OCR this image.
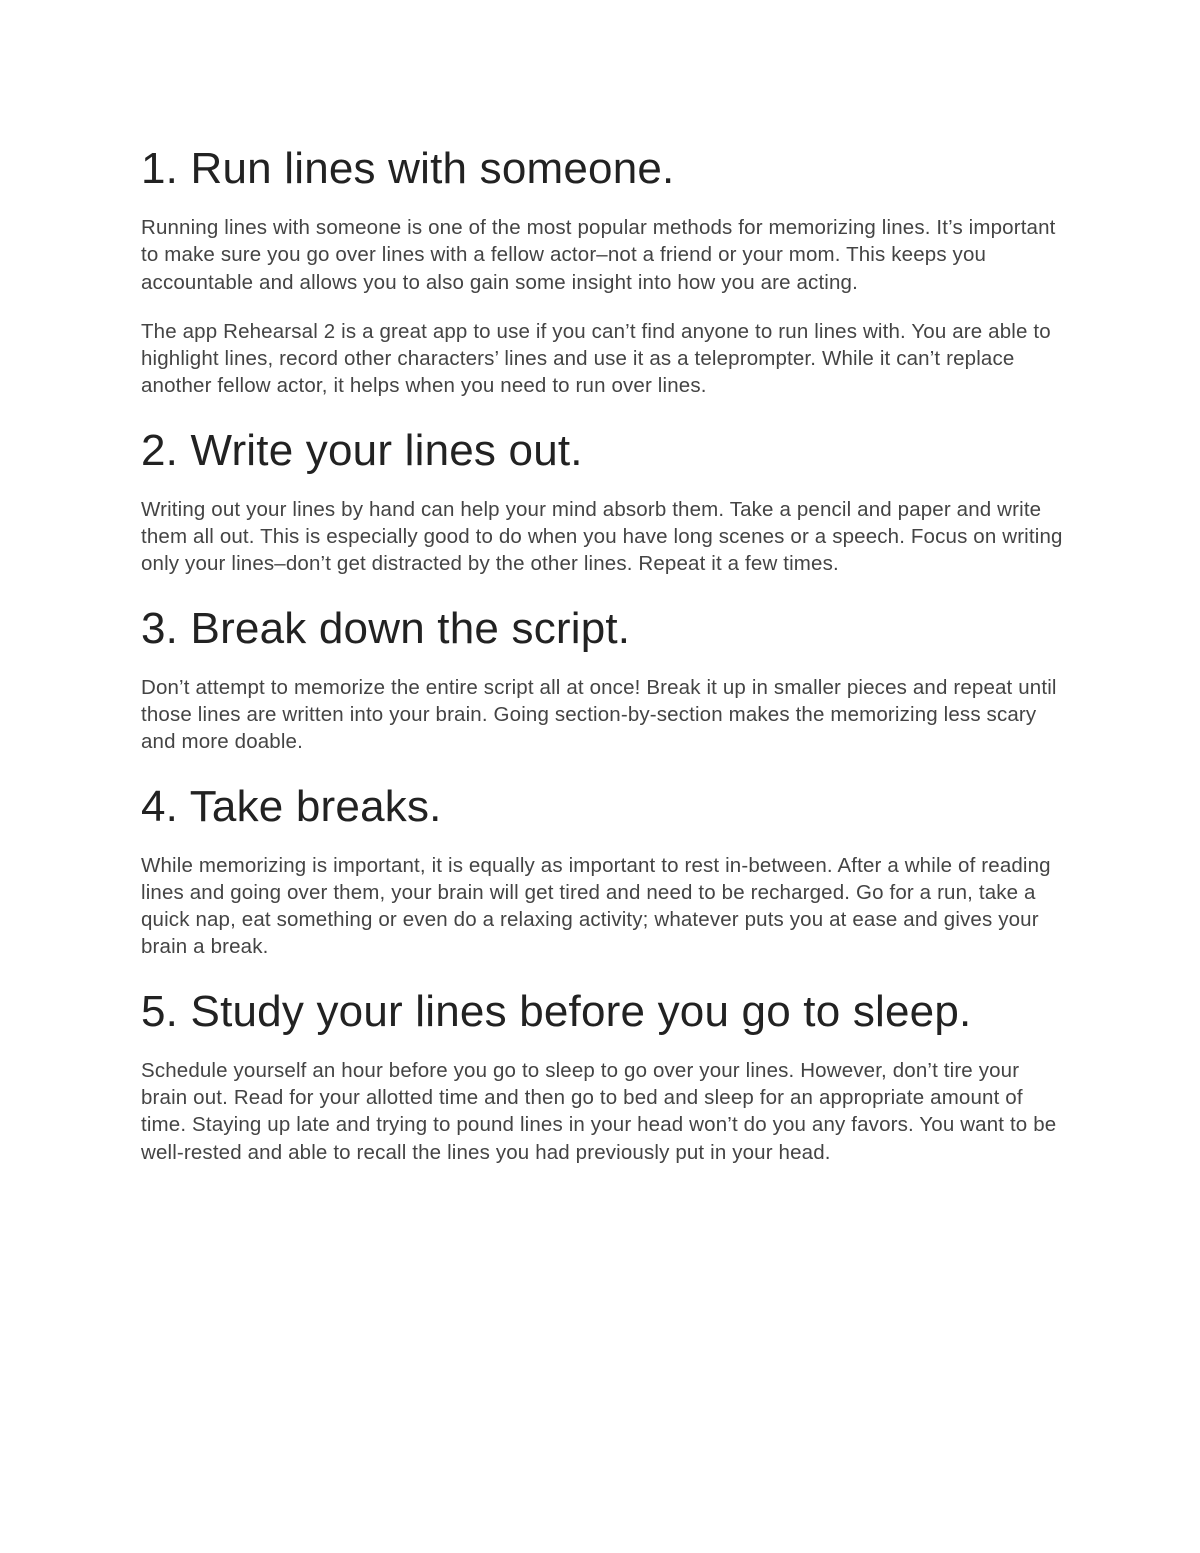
1. Run lines with someone.

Running lines with someone is one of the most popular methods for memorizing lines. It’s important to make sure you go over lines with a fellow actor–not a friend or your mom. This keeps you accountable and allows you to also gain some insight into how you are acting.

The app Rehearsal 2 is a great app to use if you can’t find anyone to run lines with. You are able to highlight lines, record other characters’ lines and use it as a teleprompter. While it can’t replace another fellow actor, it helps when you need to run over lines.

2. Write your lines out.

Writing out your lines by hand can help your mind absorb them. Take a pencil and paper and write them all out. This is especially good to do when you have long scenes or a speech. Focus on writing only your lines–don’t get distracted by the other lines. Repeat it a few times.

3. Break down the script.

Don’t attempt to memorize the entire script all at once! Break it up in smaller pieces and repeat until those lines are written into your brain. Going section-by-section makes the memorizing less scary and more doable.

4. Take breaks.

While memorizing is important, it is equally as important to rest in-between. After a while of reading lines and going over them, your brain will get tired and need to be recharged. Go for a run, take a quick nap, eat something or even do a relaxing activity; whatever puts you at ease and gives your brain a break.

5. Study your lines before you go to sleep.

Schedule yourself an hour before you go to sleep to go over your lines. However, don’t tire your brain out. Read for your allotted time and then go to bed and sleep for an appropriate amount of time. Staying up late and trying to pound lines in your head won’t do you any favors. You want to be well-rested and able to recall the lines you had previously put in your head.
